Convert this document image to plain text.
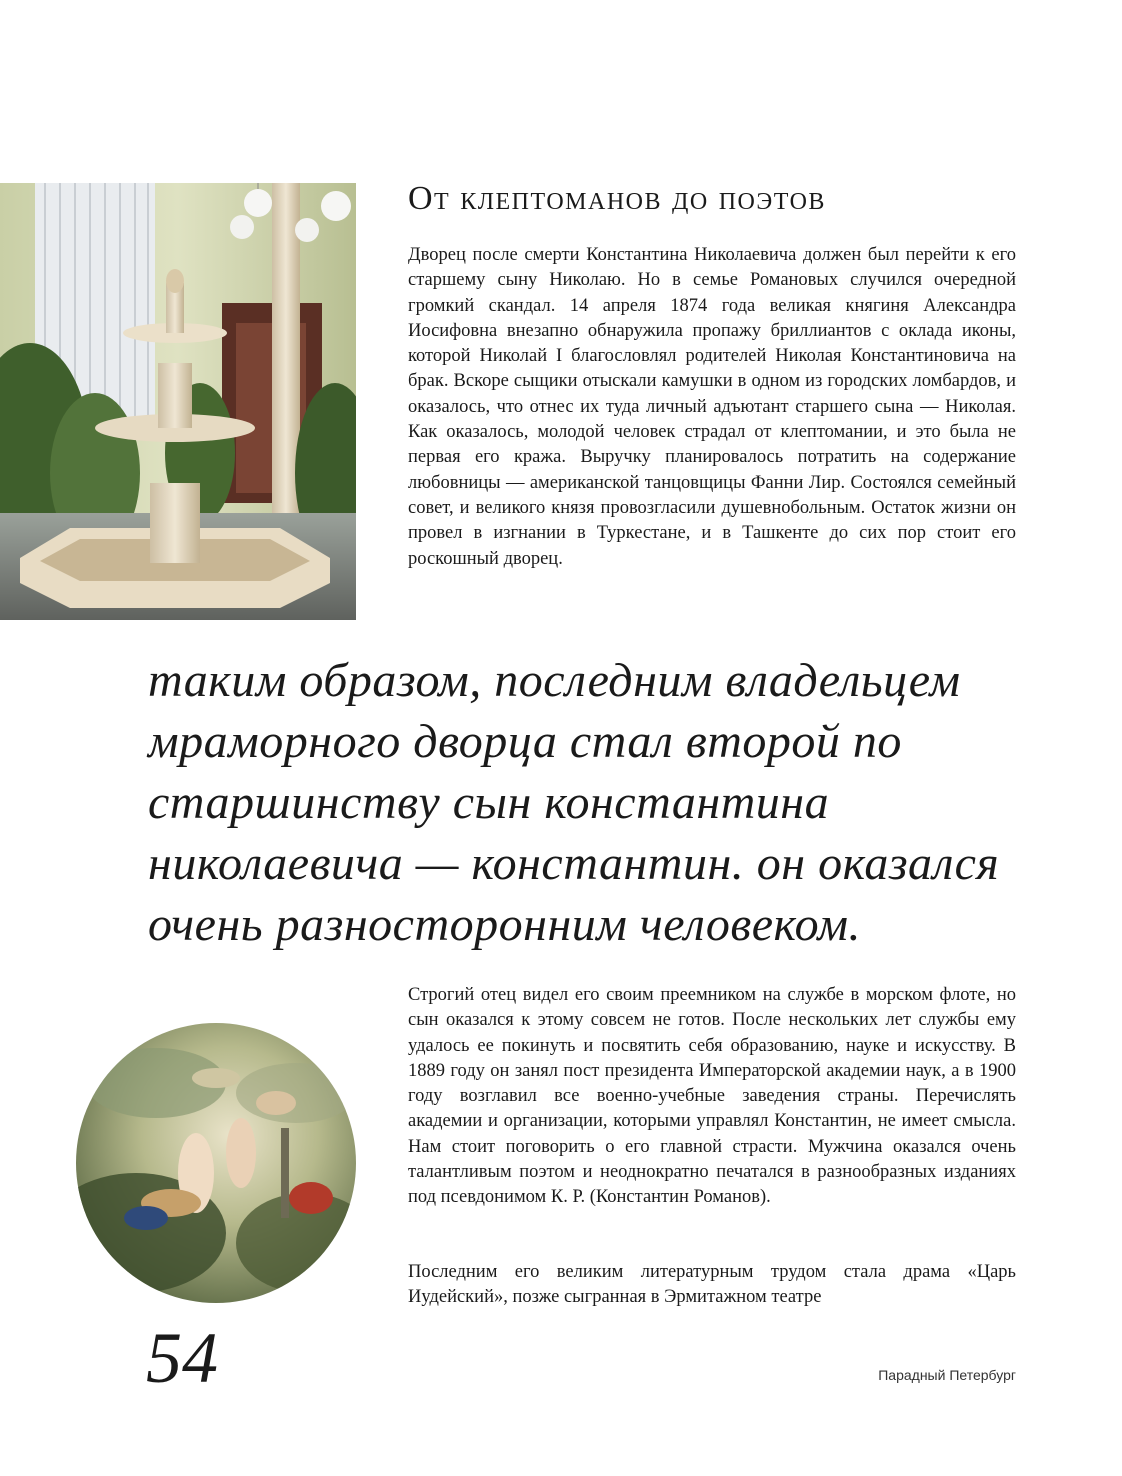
От клептоманов до поэтов

Дворец после смерти Константина Николаевича должен был перейти к его старшему сыну Николаю. Но в семье Романовых случился очередной громкий скандал. 14 апреля 1874 года великая княгиня Александра Иосифовна внезапно обнаружила пропажу бриллиантов с оклада иконы, которой Николай I благословлял родителей Николая Константиновича на брак. Вскоре сыщики отыскали камушки в одном из городских ломбардов, и оказалось, что отнес их туда личный адъютант старшего сына — Николая. Как оказалось, молодой человек страдал от клептомании, и это была не первая его кража. Выручку планировалось потратить на содержание любовницы — американской танцовщицы Фанни Лир. Состоялся семейный совет, и великого князя провозгласили душевнобольным. Остаток жизни он провел в изгнании в Туркестане, и в Ташкенте до сих пор стоит его роскошный дворец.

таким образом, последним владельцем мраморного дворца стал второй по старшинству сын константина николаевича — константин. он оказался очень разносторонним человеком.

Строгий отец видел его своим преемником на службе в морском флоте, но сын оказался к этому совсем не готов. После нескольких лет службы ему удалось ее покинуть и посвятить себя образованию, науке и искусству. В 1889 году он занял пост президента Императорской академии наук, а в 1900 году возглавил все военно-учебные заведения страны. Перечислять академии и организации, которыми управлял Константин, не имеет смысла. Нам стоит поговорить о его главной страсти. Мужчина оказался очень талантливым поэтом и неоднократно печатался в разнообразных изданиях под псевдонимом К. Р. (Константин Романов).

Последним его великим литературным трудом стала драма «Царь Иудейский», позже сыгранная в Эрмитажном театре

54	Парадный Петербург
